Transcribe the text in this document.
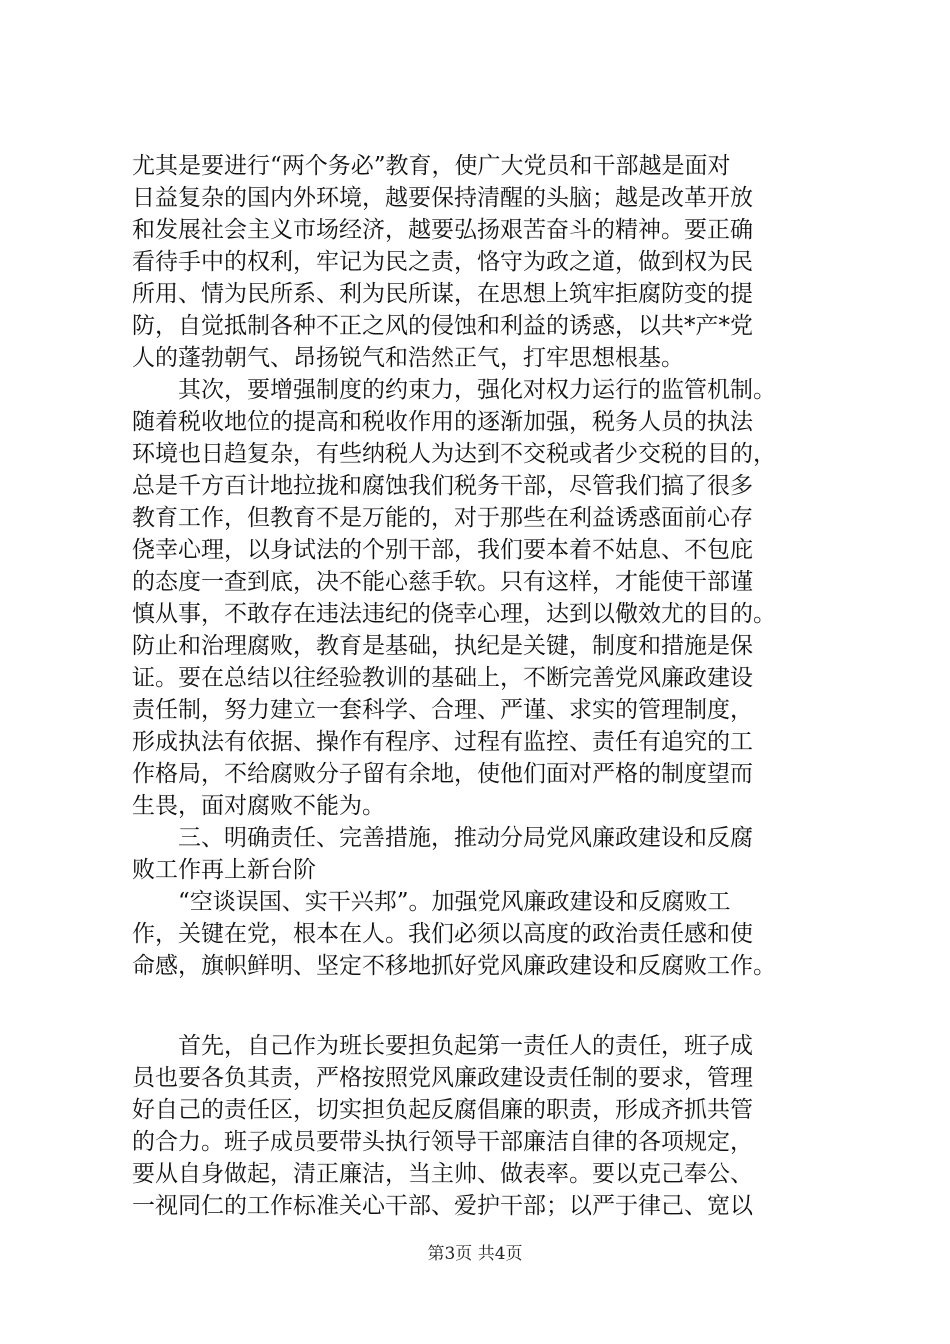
尤其是要进行“两个务必”教育，使广大党员和干部越是面对
日益复杂的国内外环境，越要保持清醒的头脑；越是改革开放
和发展社会主义市场经济，越要弘扬艰苦奋斗的精神。要正确
看待手中的权利，牢记为民之责，恪守为政之道，做到权为民
所用、情为民所系、利为民所谋，在思想上筑牢拒腐防变的提
防，自觉抵制各种不正之风的侵蚀和利益的诱惑，以共*产*党
人的蓬勃朝气、昂扬锐气和浩然正气，打牢思想根基。
　　其次，要增强制度的约束力，强化对权力运行的监管机制。
随着税收地位的提高和税收作用的逐渐加强，税务人员的执法
环境也日趋复杂，有些纳税人为达到不交税或者少交税的目的，
总是千方百计地拉拢和腐蚀我们税务干部，尽管我们搞了很多
教育工作，但教育不是万能的，对于那些在利益诱惑面前心存
侥幸心理，以身试法的个别干部，我们要本着不姑息、不包庇
的态度一查到底，决不能心慈手软。只有这样，才能使干部谨
慎从事，不敢存在违法违纪的侥幸心理，达到以儆效尤的目的。
防止和治理腐败，教育是基础，执纪是关键，制度和措施是保
证。要在总结以往经验教训的基础上，不断完善党风廉政建设
责任制，努力建立一套科学、合理、严谨、求实的管理制度，
形成执法有依据、操作有程序、过程有监控、责任有追究的工
作格局，不给腐败分子留有余地，使他们面对严格的制度望而
生畏，面对腐败不能为。
　　三、明确责任、完善措施，推动分局党风廉政建设和反腐
败工作再上新台阶
　　“空谈误国、实干兴邦”。加强党风廉政建设和反腐败工
作，关键在党，根本在人。我们必须以高度的政治责任感和使
命感，旗帜鲜明、坚定不移地抓好党风廉政建设和反腐败工作。
　　首先，自己作为班长要担负起第一责任人的责任，班子成
员也要各负其责，严格按照党风廉政建设责任制的要求，管理
好自己的责任区，切实担负起反腐倡廉的职责，形成齐抓共管
的合力。班子成员要带头执行领导干部廉洁自律的各项规定，
要从自身做起，清正廉洁，当主帅、做表率。要以克己奉公、
一视同仁的工作标准关心干部、爱护干部；以严于律己、宽以
第3页 共4页
